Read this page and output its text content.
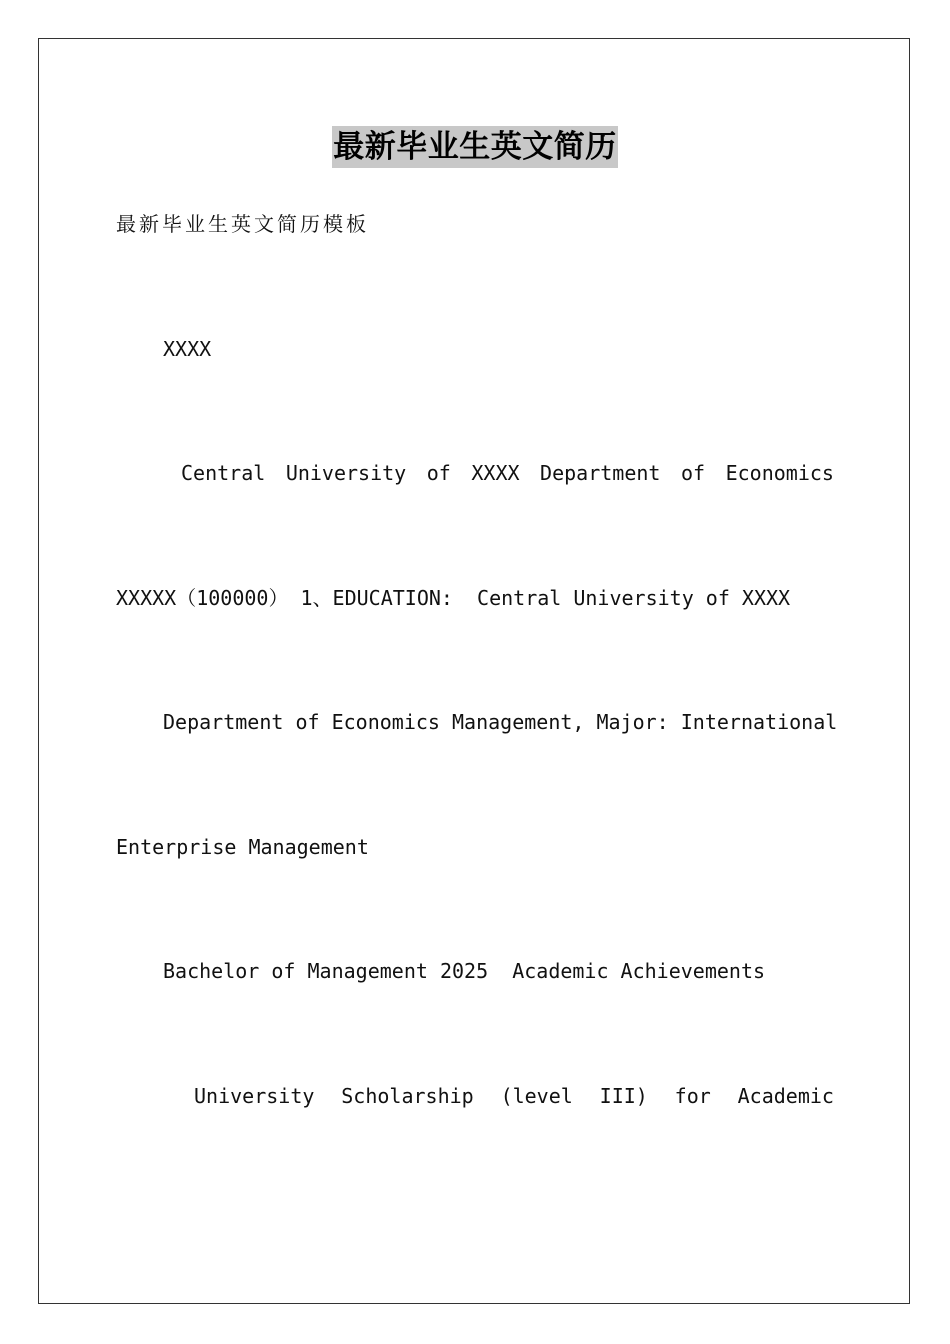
最新毕业生英文简历
最新毕业生英文简历模板
XXXX
Central University of XXXX Department of Economics
XXXXX（100000） 1、EDUCATION:  Central University of XXXX
Department of Economics Management, Major: International
Enterprise Management
Bachelor of Management 2025  Academic Achievements
University Scholarship (level III) for Academic
